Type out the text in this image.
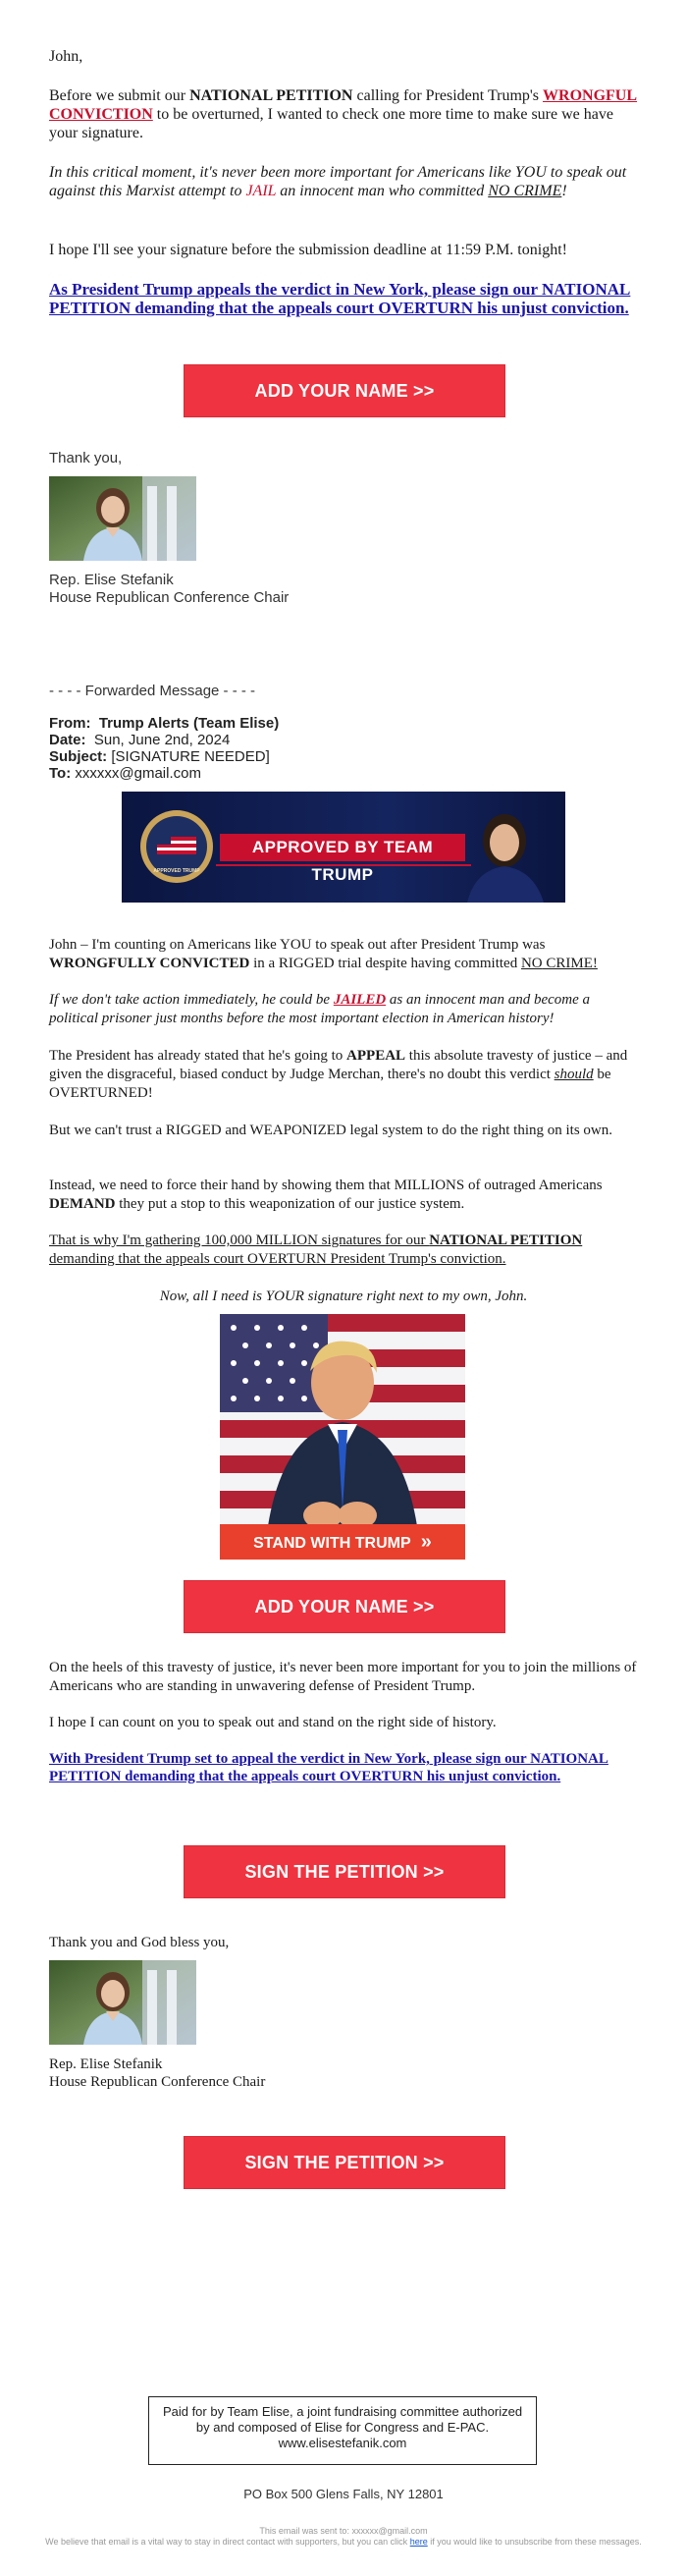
John,
Before we submit our NATIONAL PETITION calling for President Trump's WRONGFUL CONVICTION to be overturned, I wanted to check one more time to make sure we have your signature.
In this critical moment, it's never been more important for Americans like YOU to speak out against this Marxist attempt to JAIL an innocent man who committed NO CRIME!
I hope I'll see your signature before the submission deadline at 11:59 P.M. tonight!
As President Trump appeals the verdict in New York, please sign our NATIONAL PETITION demanding that the appeals court OVERTURN his unjust conviction.
ADD YOUR NAME >>
Thank you,
Rep. Elise Stefanik
House Republican Conference Chair
- - - - Forwarded Message - - - -
From: Trump Alerts (Team Elise)
Date: Sun, June 2nd, 2024
Subject: [SIGNATURE NEEDED]
To: xxxxxx@gmail.com
APPROVED BY TEAM TRUMP
APPROVED TRUMP
John – I'm counting on Americans like YOU to speak out after President Trump was WRONGFULLY CONVICTED in a RIGGED trial despite having committed NO CRIME!
If we don't take action immediately, he could be JAILED as an innocent man and become a political prisoner just months before the most important election in American history!
The President has already stated that he's going to APPEAL this absolute travesty of justice – and given the disgraceful, biased conduct by Judge Merchan, there's no doubt this verdict should be OVERTURNED!
But we can't trust a RIGGED and WEAPONIZED legal system to do the right thing on its own.
Instead, we need to force their hand by showing them that MILLIONS of outraged Americans DEMAND they put a stop to this weaponization of our justice system.
That is why I'm gathering 100,000 MILLION signatures for our NATIONAL PETITION demanding that the appeals court OVERTURN President Trump's conviction.
Now, all I need is YOUR signature right next to my own, John.
STAND WITH TRUMP »
ADD YOUR NAME >>
On the heels of this travesty of justice, it's never been more important for you to join the millions of Americans who are standing in unwavering defense of President Trump.
I hope I can count on you to speak out and stand on the right side of history.
With President Trump set to appeal the verdict in New York, please sign our NATIONAL PETITION demanding that the appeals court OVERTURN his unjust conviction.
SIGN THE PETITION >>
Thank you and God bless you,
Rep. Elise Stefanik
House Republican Conference Chair
SIGN THE PETITION >>
Paid for by Team Elise, a joint fundraising committee authorized by and composed of Elise for Congress and E-PAC. www.elisestefanik.com
PO Box 500 Glens Falls, NY 12801
This email was sent to: xxxxxx@gmail.com
We believe that email is a vital way to stay in direct contact with supporters, but you can click here if you would like to unsubscribe from these messages.
